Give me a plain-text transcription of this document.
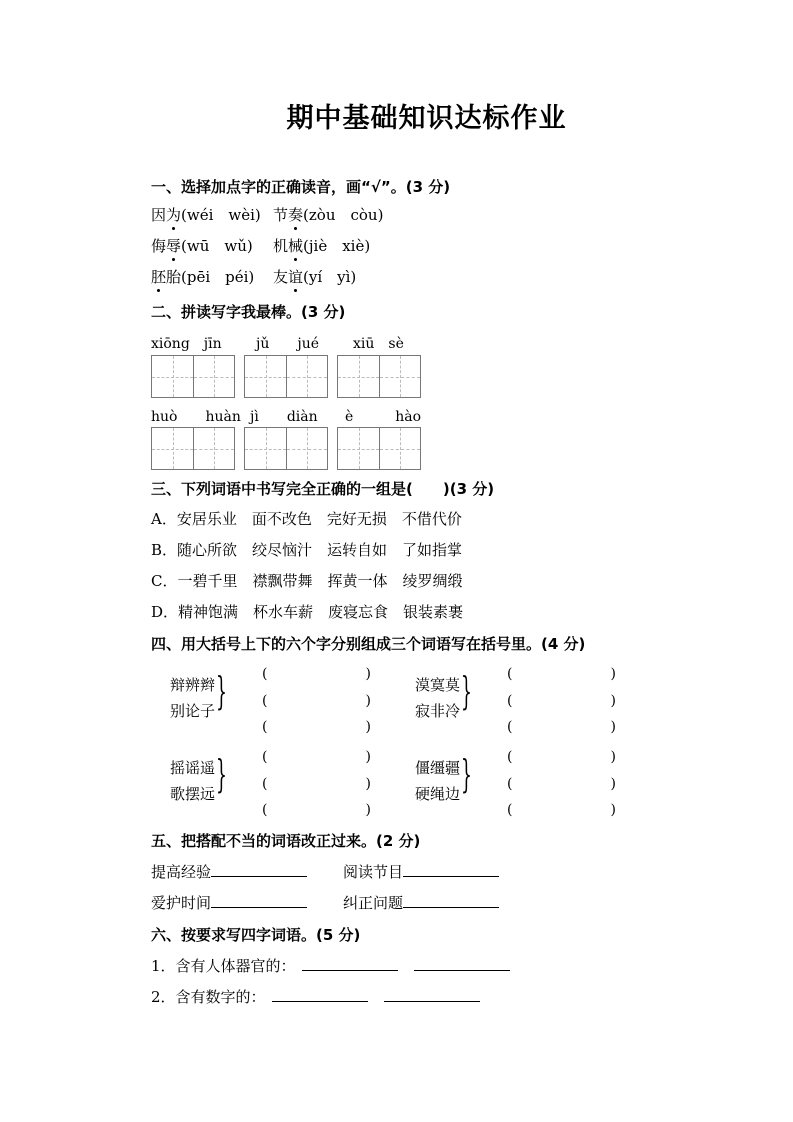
期中基础知识达标作业
一、选择加点字的正确读音，画“√”。(3 分)
因为(wéi　wèi) 节奏(zòu　còu)
侮辱(wū　wǔ) 机械(jiè　xiè)
胚胎(pēi　péi) 友谊(yí　yì)
二、拼读写字我最棒。(3 分)
xiōng　jīn jǔ　　jué xiū　sè
huò　　huàn jì　　diàn è　　　hào
三、下列词语中书写完全正确的一组是(　　)(3 分)
A．安居乐业　面不改色　完好无损　不借代价
B．随心所欲　绞尽恼汁　运转自如　了如指掌
C．一碧千里　襟飘带舞　挥黄一体　绫罗绸缎
D．精神饱满　杯水车薪　废寝忘食　银装素裹
四、用大括号上下的六个字分别组成三个词语写在括号里。(4 分)
辩辨辫
别论子 }	(　　　　　　　)
(　　　　　　　)
(　　　　　　　)
漠寞莫
寂非冷 }	(　　　　　　　)
(　　　　　　　)
(　　　　　　　)
摇谣遥
歌摆远 }	(　　　　　　　)
(　　　　　　　)
(　　　　　　　)
僵缰疆
硬绳边 }	(　　　　　　　)
(　　　　　　　)
(　　　　　　　)
五、把搭配不当的词语改正过来。(2 分)
提高经验	阅读节目
爱护时间	纠正问题
六、按要求写四字词语。(5 分)
1．含有人体器官的：
2．含有数字的：
